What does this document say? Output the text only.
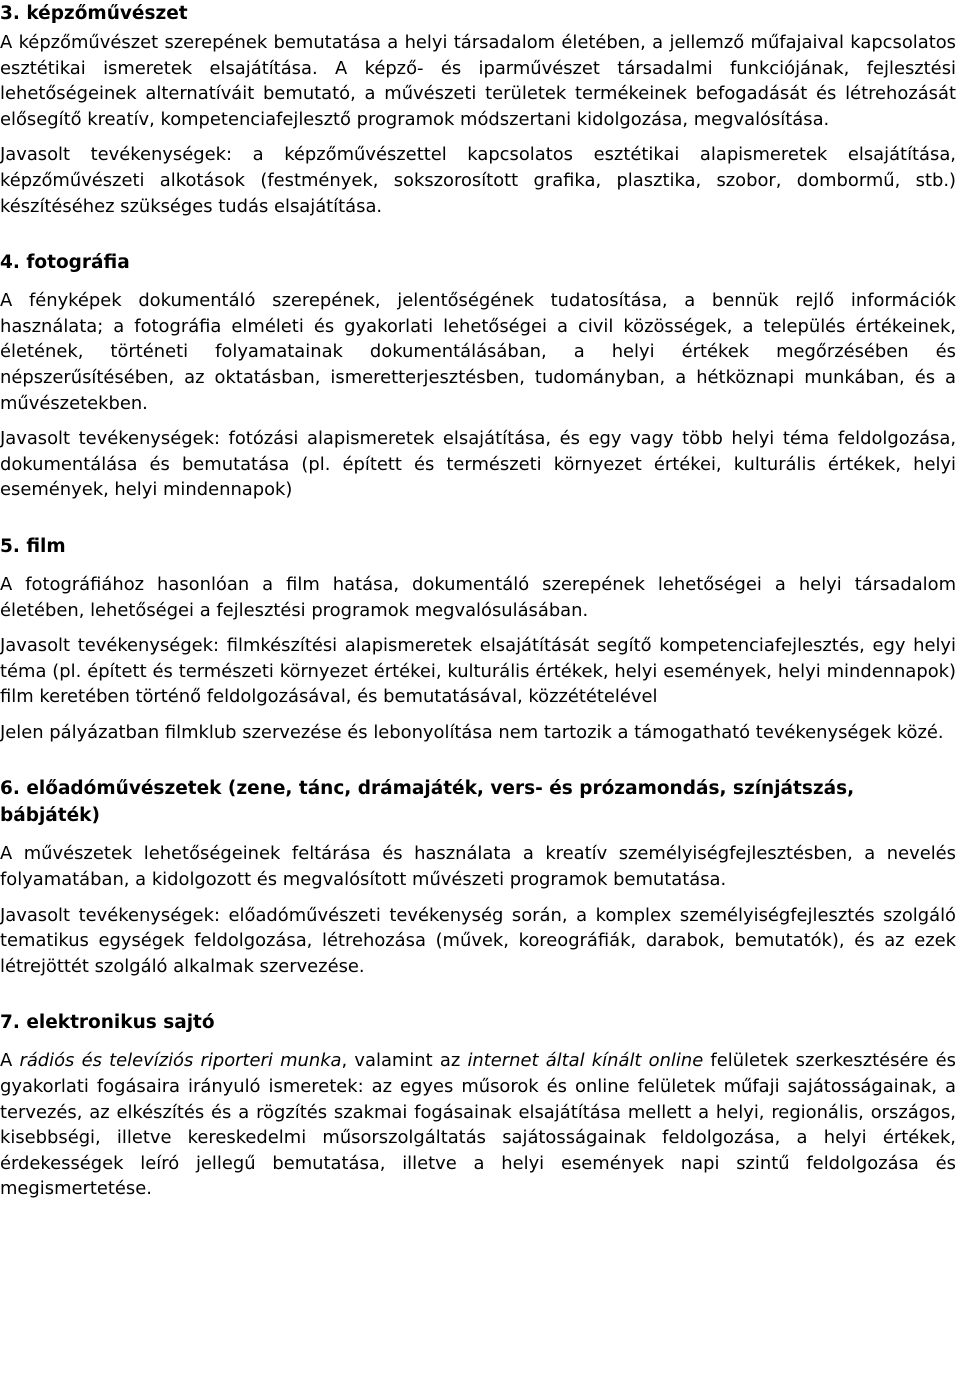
3. képzőművészet

A képzőművészet szerepének bemutatása a helyi társadalom életében, a jellemző műfajaival kapcsolatos esztétikai ismeretek elsajátítása. A képző- és iparművészet társadalmi funkciójának, fejlesztési lehetőségeinek alternatíváit bemutató, a művészeti területek termékeinek befogadását és létrehozását elősegítő kreatív, kompetenciafejlesztő programok módszertani kidolgozása, megvalósítása.

Javasolt tevékenységek: a képzőművészettel kapcsolatos esztétikai alapismeretek elsajátítása, képzőművészeti alkotások (festmények, sokszorosított grafika, plasztika, szobor, dombormű, stb.) készítéséhez szükséges tudás elsajátítása.

4. fotográfia

A fényképek dokumentáló szerepének, jelentőségének tudatosítása, a bennük rejlő információk használata; a fotográfia elméleti és gyakorlati lehetőségei a civil közösségek, a település értékeinek, életének, történeti folyamatainak dokumentálásában, a helyi értékek megőrzésében és népszerűsítésében, az oktatásban, ismeretterjesztésben, tudományban, a hétköznapi munkában, és a művészetekben.

Javasolt tevékenységek: fotózási alapismeretek elsajátítása, és egy vagy több helyi téma feldolgozása, dokumentálása és bemutatása (pl. épített és természeti környezet értékei, kulturális értékek, helyi események, helyi mindennapok)

5. film

A fotográfiához hasonlóan a film hatása, dokumentáló szerepének lehetőségei a helyi társadalom életében, lehetőségei a fejlesztési programok megvalósulásában.

Javasolt tevékenységek: filmkészítési alapismeretek elsajátítását segítő kompetenciafejlesztés, egy helyi téma (pl. épített és természeti környezet értékei, kulturális értékek, helyi események, helyi mindennapok) film keretében történő feldolgozásával, és bemutatásával, közzétételével

Jelen pályázatban filmklub szervezése és lebonyolítása nem tartozik a támogatható tevékenységek közé.

6. előadóművészetek (zene, tánc, drámajáték, vers- és prózamondás, színjátszás, bábjáték)

A művészetek lehetőségeinek feltárása és használata a kreatív személyiségfejlesztésben, a nevelés folyamatában, a kidolgozott és megvalósított művészeti programok bemutatása.

Javasolt tevékenységek: előadóművészeti tevékenység során, a komplex személyiségfejlesztés szolgáló tematikus egységek feldolgozása, létrehozása (művek, koreográfiák, darabok, bemutatók), és az ezek létrejöttét szolgáló alkalmak szervezése.

7. elektronikus sajtó

A rádiós és televíziós riporteri munka, valamint az internet által kínált online felületek szerkesztésére és gyakorlati fogásaira irányuló ismeretek: az egyes műsorok és online felületek műfaji sajátosságainak, a tervezés, az elkészítés és a rögzítés szakmai fogásainak elsajátítása mellett a helyi, regionális, országos, kisebbségi, illetve kereskedelmi műsorszolgáltatás sajátosságainak feldolgozása, a helyi értékek, érdekességek leíró jellegű bemutatása, illetve a helyi események napi szintű feldolgozása és megismertetése.
